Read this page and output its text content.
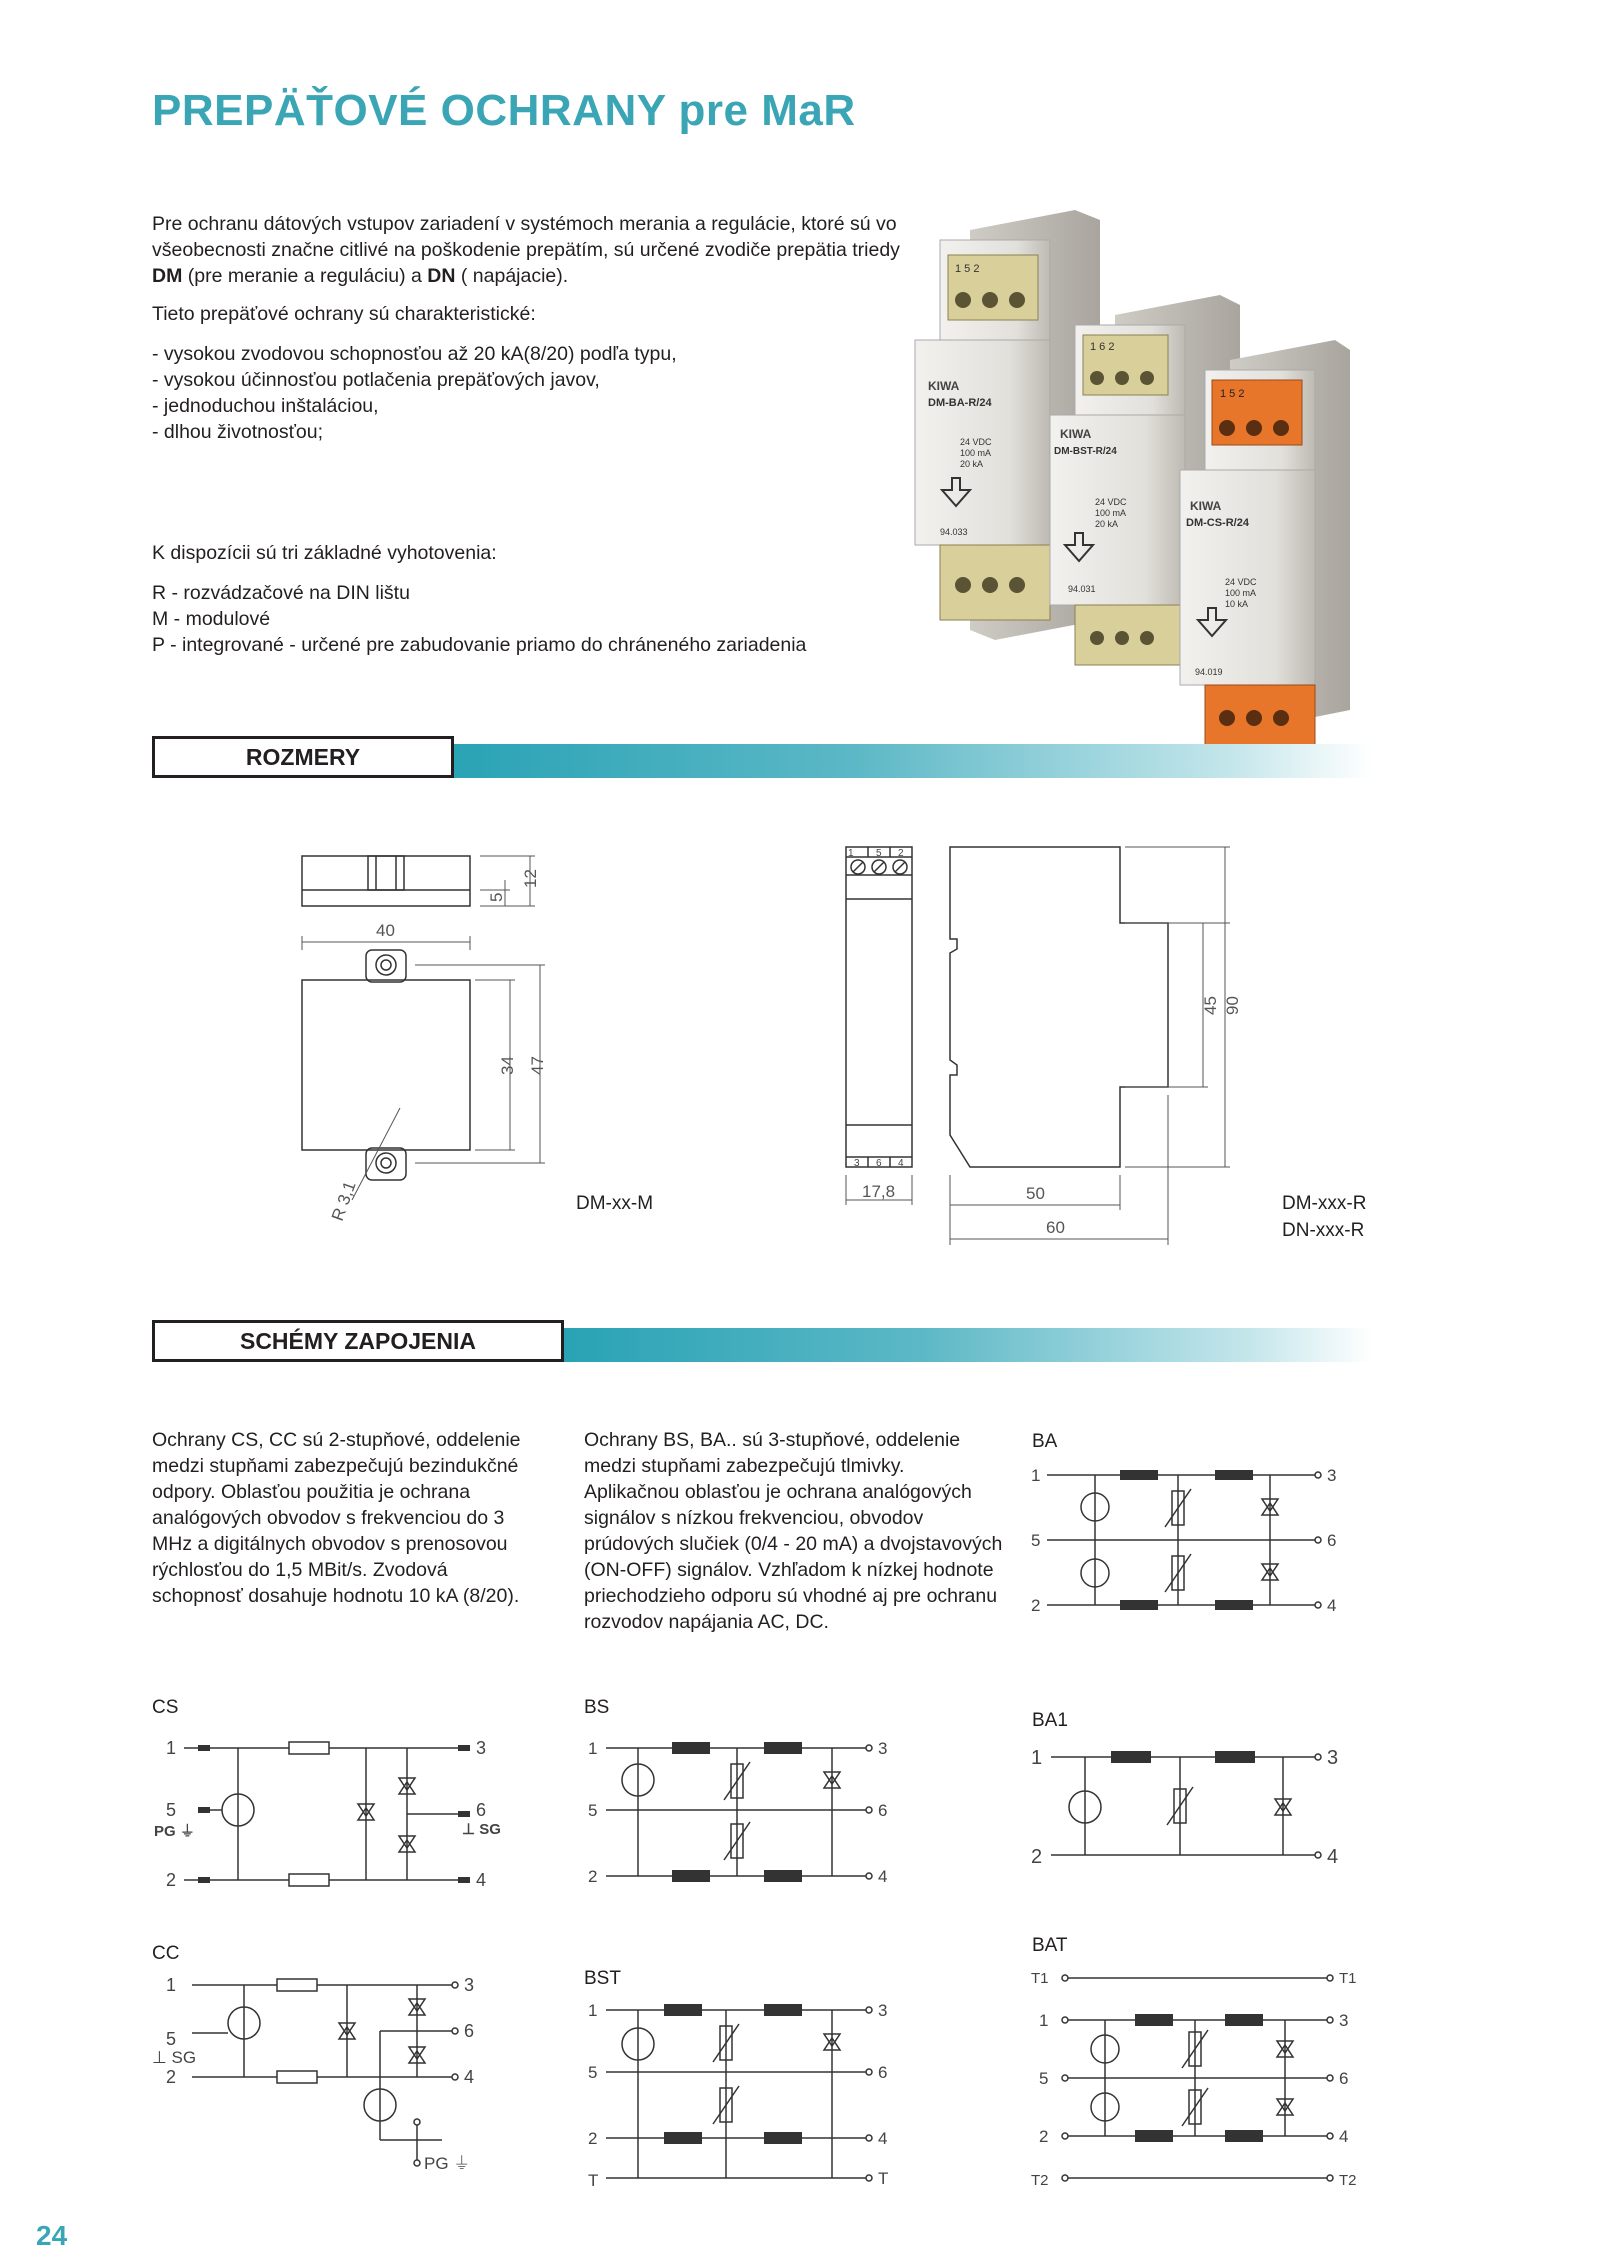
PREPÄŤOVÉ OCHRANY pre MaR

Pre ochranu dátových vstupov zariadení v systémoch merania a regulácie, ktoré sú vo všeobecnosti značne citlivé na poškodenie prepätím, sú určené zvodiče prepätia triedy DM (pre meranie a reguláciu) a DN ( napájacie).

Tieto prepäťové ochrany sú charakteristické:

- vysokou zvodovou schopnosťou až 20 kA(8/20) podľa typu,

- vysokou účinnosťou potlačenia prepäťových javov,

- jednoduchou inštaláciou,

- dlhou životnosťou;

K dispozícii sú tri základné vyhotovenia:

R - rozvádzačové na DIN lištu

M - modulové

P - integrované - určené pre zabudovanie priamo do chráneného zariadenia

1 5 2
KIWA
DM-BA-R/24
24 VDC
100 mA
20 kA
94.033
1 6 2
KIWA
DM-BST-R/24
24 VDC
100 mA
20 kA
94.031
1 5 2
KIWA
DM-CS-R/24
24 VDC
100 mA
10 kA
94.019
ROZMERY
40
5
12
34 47
R 3,1	DM-xx-M
1 5 2
3 6 4
17,8
45 90
50
60
DM-xxx-R
DN-xxx-R
SCHÉMY ZAPOJENIA
Ochrany CS, CC sú 2-stupňové, oddelenie medzi stupňami zabezpečujú bezindukčné odpory. Oblasťou použitia je ochrana analógových obvodov s frekvenciou do 3 MHz a digitálnych obvodov s prenosovou rýchlosťou do 1,5 MBit/s. Zvodová schopnosť dosahuje hodnotu 10 kA (8/20).
Ochrany BS, BA.. sú 3-stupňové, oddelenie medzi stupňami zabezpečujú tlmivky. Aplikačnou oblasťou je ochrana analógových signálov s nízkou frekvenciou, obvodov prúdových slučiek (0/4 - 20 mA) a dvojstavových (ON-OFF) signálov. Vzhľadom k nízkej hodnote priechodzieho odporu sú vhodné aj pre ochranu rozvodov napájania AC, DC.
BA
CS	BS
BA1
CC
BST
BAT
1
5
2
3
6
4
1
5
2
3
6
4
PG ⏚	⊥ SG
1
5
2
3
6
4
1
2
3
4
1
5
2
3
6
4
⊥ SG
PG ⏚
1
5
2
3
6
4
T	T
T1
1
5
2
T2
T1
3
6
4
T2
24
